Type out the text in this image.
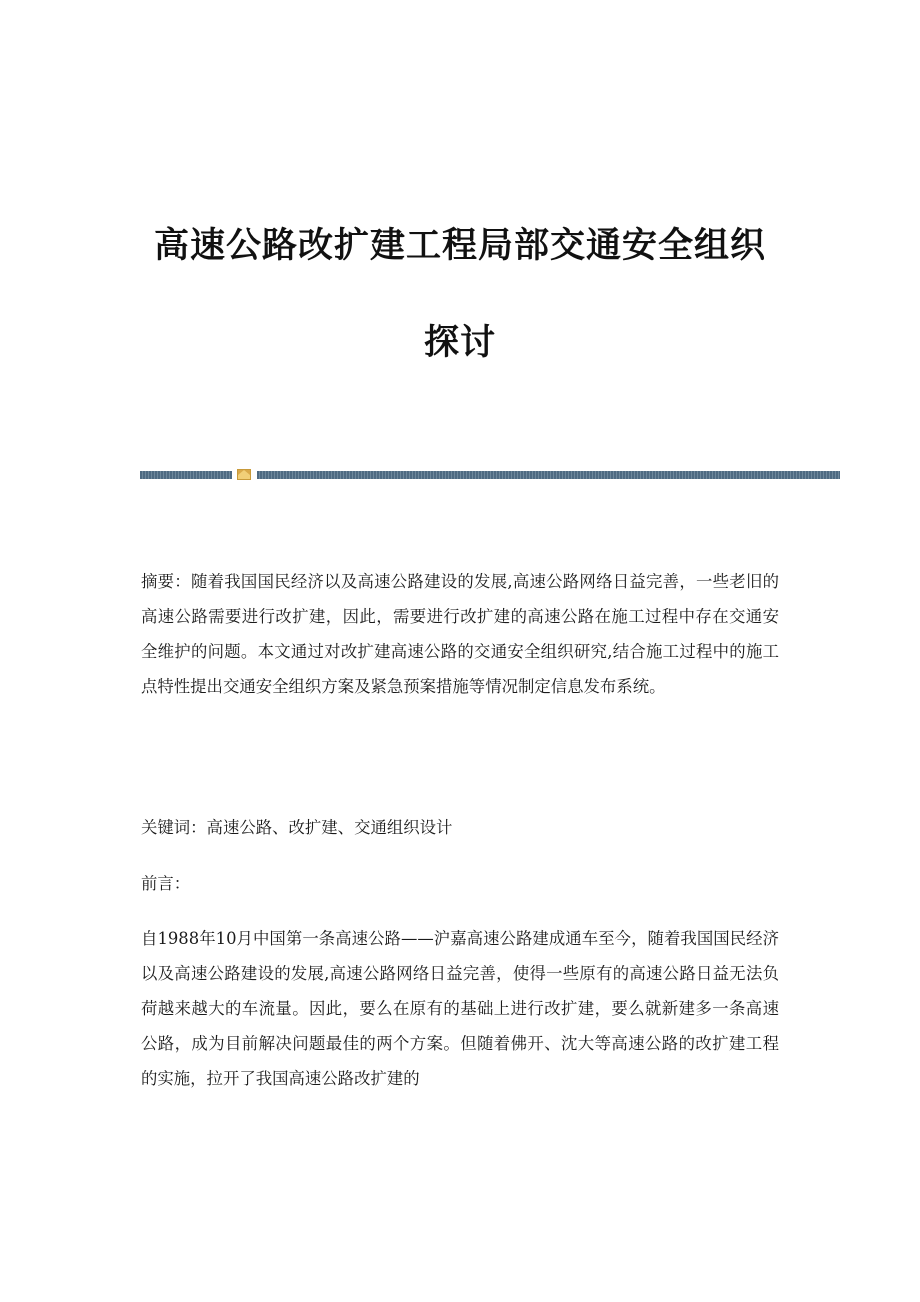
高速公路改扩建工程局部交通安全组织
探讨

摘要：随着我国国民经济以及高速公路建设的发展,高速公路网络日益完善，一些老旧的高速公路需要进行改扩建，因此，需要进行改扩建的高速公路在施工过程中存在交通安全维护的问题。本文通过对改扩建高速公路的交通安全组织研究,结合施工过程中的施工点特性提出交通安全组织方案及紧急预案措施等情况制定信息发布系统。

关键词：高速公路、改扩建、交通组织设计

前言：

自1988年10月中国第一条高速公路——沪嘉高速公路建成通车至今，随着我国国民经济以及高速公路建设的发展,高速公路网络日益完善，使得一些原有的高速公路日益无法负荷越来越大的车流量。因此，要么在原有的基础上进行改扩建，要么就新建多一条高速公路，成为目前解决问题最佳的两个方案。但随着佛开、沈大等高速公路的改扩建工程的实施，拉开了我国高速公路改扩建的
